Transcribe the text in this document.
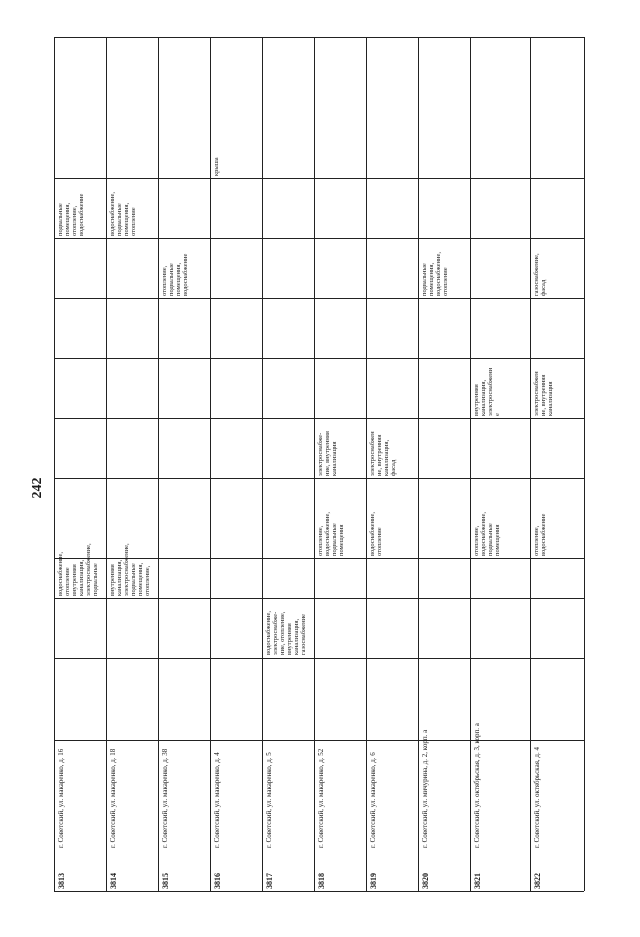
242
3813
г. Советский, ул. макаренко, д. 16
водоснабжение,
отопление
внутренняя
канализация,
электроснабжение,
подвальные
подвальные
помещения,
отопление,
водоснабжение
3814
г. Советский, ул. макаренко, д. 18
внутренняя
канализация,
электроснабжение,
подвальные
помещения,
отопление,
водоснабжение,
подвальные
помещения,
отопление
3815
г. Советский, ул. макаренко, д. 38
отопление,
подвальные
помещения,
водоснабжение
3816
г. Советский, ул. макаренко, д. 4
крыша
3817
г. Советский, ул. макаренко, д. 5
водоснабжение,
электроснабже-
ние, отопление,
внутренняя
канализация,
газоснабжение
3818
г. Советский, ул. макаренко, д. 52
отопление,
водоснабжение,
подвальные
помещения
электроснабже-
ние, внутренняя
канализация
3819
г. Советский, ул. макаренко, д. 6
водоснабжение,
отопление
электроснабжен
ие, внутренняя
канализация,
фасад
3820
г. Советский, ул. мичурина, д. 2, корп. а
подвальные
помещения,
водоснабжение,
отопление
3821
г. Советский, ул. октябрьская, д. 3, корп. а
отопление,
водоснабжение,
подвальные
помещения
внутренняя
канализация,
электроснабжени
е
3822
г. Советский, ул. октябрьская, д. 4
отопление,
водоснабжение
электроснабжен
ие, внутренняя
канализация
газоснабжение,
фасад
